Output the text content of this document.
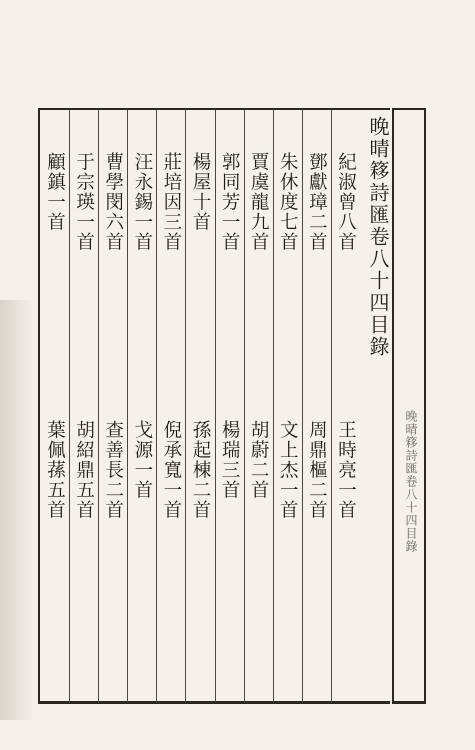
晚晴簃詩匯卷八十四目錄
晚晴簃詩匯卷八十四目錄
紀淑曾八首
王時亮一首
鄧獻璋二首
周鼎樞二首
朱休度七首
文上杰一首
賈虞龍九首
胡蔚二首
郭同芳一首
楊瑞三首
楊屋十首
孫起棟二首
莊培因三首
倪承寬一首
汪永錫一首
戈源一首
曹學閔六首
查善長二首
于宗瑛一首
胡紹鼎五首
顧鎮一首
葉佩蓀五首
